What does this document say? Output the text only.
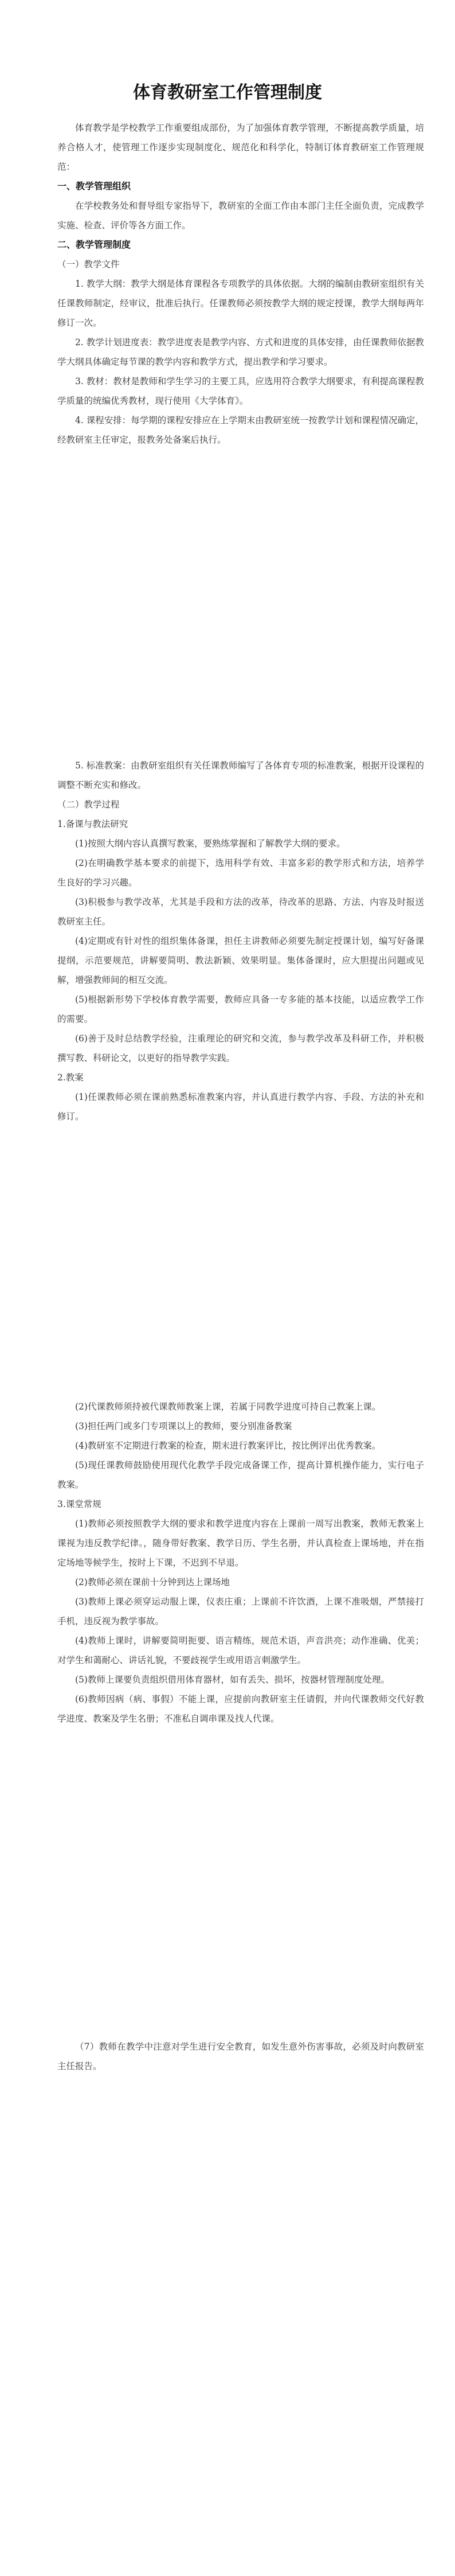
体育教研室工作管理制度

体育教学是学校教学工作重要组成部份，为了加强体育教学管理，不断提高教学质量，培养合格人才，使管理工作逐步实现制度化、规范化和科学化，特制订体育教研室工作管理规范：

一、教学管理组织

在学校教务处和督导组专家指导下，教研室的全面工作由本部门主任全面负责，完成教学实施、检查、评价等各方面工作。

二、教学管理制度

（一）教学文件

1. 教学大纲：教学大纲是体育课程各专项教学的具体依据。大纲的编制由教研室组织有关任课教师制定，经审议，批准后执行。任课教师必须按教学大纲的规定授课，教学大纲每两年修订一次。

2. 教学计划进度表：教学进度表是教学内容、方式和进度的具体安排，由任课教师依据教学大纲具体确定每节课的教学内容和教学方式，提出教学和学习要求。

3. 教材：教材是教师和学生学习的主要工具，应选用符合教学大纲要求，有利提高课程教学质量的统编优秀教材，现行使用《大学体育》。

4. 课程安排：每学期的课程安排应在上学期末由教研室统一按教学计划和课程情况确定，经教研室主任审定，报教务处备案后执行。

5. 标准教案：由教研室组织有关任课教师编写了各体育专项的标准教案，根据开设课程的调整不断充实和修改。

（二）教学过程

1.备课与教法研究

(1)按照大纲内容认真撰写教案，要熟练掌握和了解教学大纲的要求。

(2)在明确教学基本要求的前提下，选用科学有效、丰富多彩的教学形式和方法，培养学生良好的学习兴趣。

(3)积极参与教学改革，尤其是手段和方法的改革，待改革的思路、方法、内容及时报送教研室主任。

(4)定期或有针对性的组织集体备课，担任主讲教师必须要先制定授课计划，编写好备课提纲，示范要规范，讲解要简明、教法新颖、效果明显。集体备课时，应大胆提出问题或见解，增强教师间的相互交流。

(5)根据新形势下学校体育教学需要，教师应具备一专多能的基本技能，以适应教学工作的需要。

(6)善于及时总结教学经验，注重理论的研究和交流，参与教学改革及科研工作，并积极撰写教、科研论文，以更好的指导教学实践。

2.教案

(1)任课教师必须在课前熟悉标准教案内容，并认真进行教学内容、手段、方法的补充和修订。

(2)代课教师须持被代课教师教案上课，若属于同教学进度可持自己教案上课。

(3)担任两门或多门专项课以上的教师，要分别准备教案

(4)教研室不定期进行教案的检查，期末进行教案评比，按比例评出优秀教案。

(5)现任课教师鼓励使用现代化教学手段完成备课工作，提高计算机操作能力，实行电子教案。

3.课堂常规

(1)教师必须按照教学大纲的要求和教学进度内容在上课前一周写出教案，教师无教案上课视为违反教学纪律。，随身带好教案、教学日历、学生名册，并认真检查上课场地，并在指定场地等候学生，按时上下课，不迟到不早退。

(2)教师必须在课前十分钟到达上课场地

(3)教师上课必须穿运动服上课，仪表庄重；上课前不许饮酒，上课不准吸烟，严禁接打手机，违反视为教学事故。

(4)教师上课时，讲解要简明扼要、语言精练，规范术语，声音洪亮；动作准确、优美；对学生和蔼耐心、讲话礼貌，不要歧视学生或用语言刺激学生。

(5)教师上课要负责组织借用体育器材，如有丢失、损坏，按器材管理制度处理。

(6)教师因病（病、事假）不能上课，应提前向教研室主任请假，并向代课教师交代好教学进度、教案及学生名册；不准私自调串课及找人代课。

（7）教师在教学中注意对学生进行安全教育，如发生意外伤害事故，必须及时向教研室主任报告。
